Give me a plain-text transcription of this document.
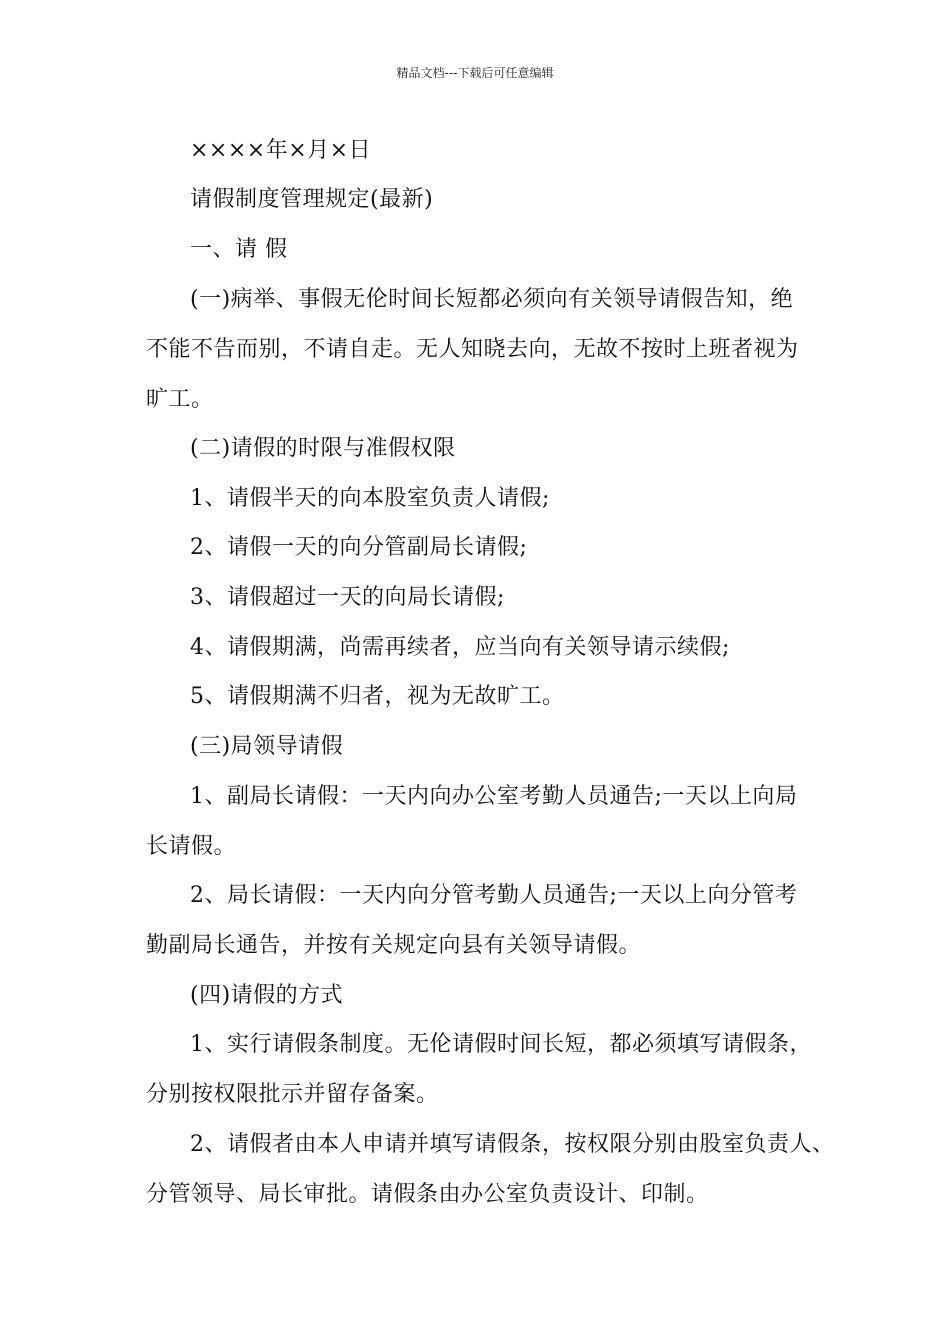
精品文档---下载后可任意编辑
××××年×月×日
请假制度管理规定(最新)
一、请 假
(一)病举、事假无伦时间长短都必须向有关领导请假告知，绝
不能不告而别，不请自走。无人知晓去向，无故不按时上班者视为
旷工。
(二)请假的时限与准假权限
1、请假半天的向本股室负责人请假;
2、请假一天的向分管副局长请假;
3、请假超过一天的向局长请假;
4、请假期满，尚需再续者，应当向有关领导请示续假;
5、请假期满不归者，视为无故旷工。
(三)局领导请假
1、副局长请假：一天内向办公室考勤人员通告;一天以上向局
长请假。
2、局长请假：一天内向分管考勤人员通告;一天以上向分管考
勤副局长通告，并按有关规定向县有关领导请假。
(四)请假的方式
1、实行请假条制度。无伦请假时间长短，都必须填写请假条，
分别按权限批示并留存备案。
2、请假者由本人申请并填写请假条，按权限分别由股室负责人、
分管领导、局长审批。请假条由办公室负责设计、印制。
